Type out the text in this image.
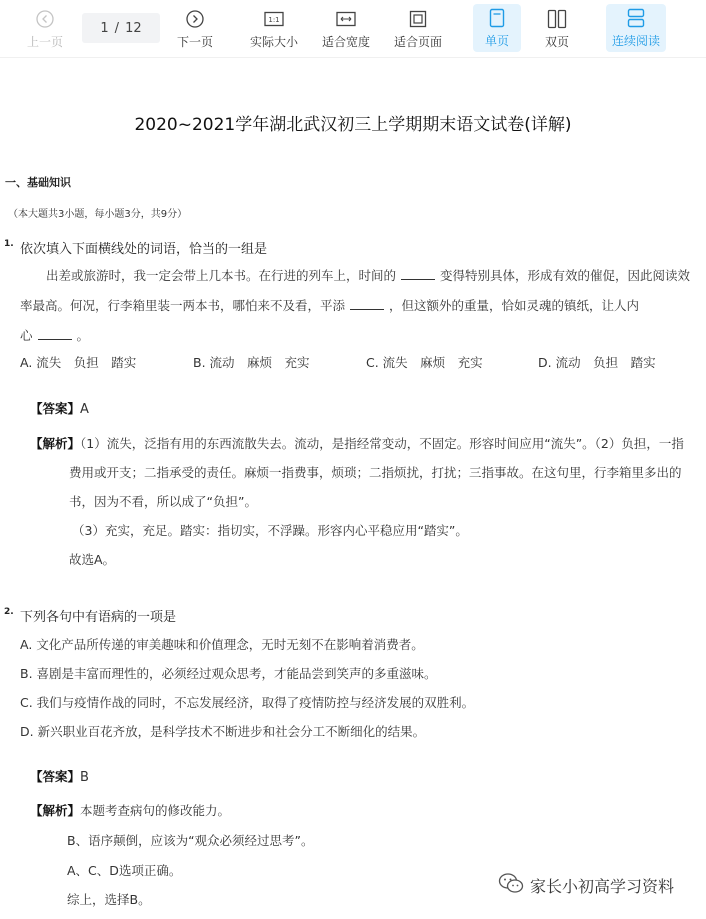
上一页
1 / 12
下一页
1:1
实际大小 适合宽度 适合页面	单页	双页	连续阅读
2020~2021学年湖北武汉初三上学期期末语文试卷(详解)
一、基础知识
（本大题共3小题，每小题3分，共9分）
1. 依次填入下面横线处的词语，恰当的一组是
出差或旅游时，我一定会带上几本书。在行进的列车上，时间的	变得特别具体，形成有效的催促，因此阅读效
率最高。何况，行李箱里装一两本书，哪怕来不及看，平添	，但这额外的重量，恰如灵魂的镇纸，让人内
心	。
A. 流失　负担　踏实	B. 流动　麻烦　充实	C. 流失　麻烦　充实	D. 流动　负担　踏实
【答案】A
【解析】（1）流失，泛指有用的东西流散失去。流动，是指经常变动，不固定。形容时间应用“流失”。（2）负担，一指
费用或开支；二指承受的责任。麻烦一指费事，烦琐；二指烦扰，打扰；三指事故。在这句里，行李箱里多出的
书，因为不看，所以成了“负担”。
（3）充实，充足。踏实：指切实，不浮躁。形容内心平稳应用“踏实”。
故选A。
2. 下列各句中有语病的一项是
A. 文化产品所传递的审美趣味和价值理念，无时无刻不在影响着消费者。
B. 喜剧是丰富而理性的，必须经过观众思考，才能品尝到笑声的多重滋味。
C. 我们与疫情作战的同时，不忘发展经济，取得了疫情防控与经济发展的双胜利。
D. 新兴职业百花齐放，是科学技术不断进步和社会分工不断细化的结果。
【答案】B
【解析】本题考查病句的修改能力。
B、语序颠倒，应该为“观众必须经过思考”。
A、C、D选项正确。
综上，选择B。
家长小初高学习资料
